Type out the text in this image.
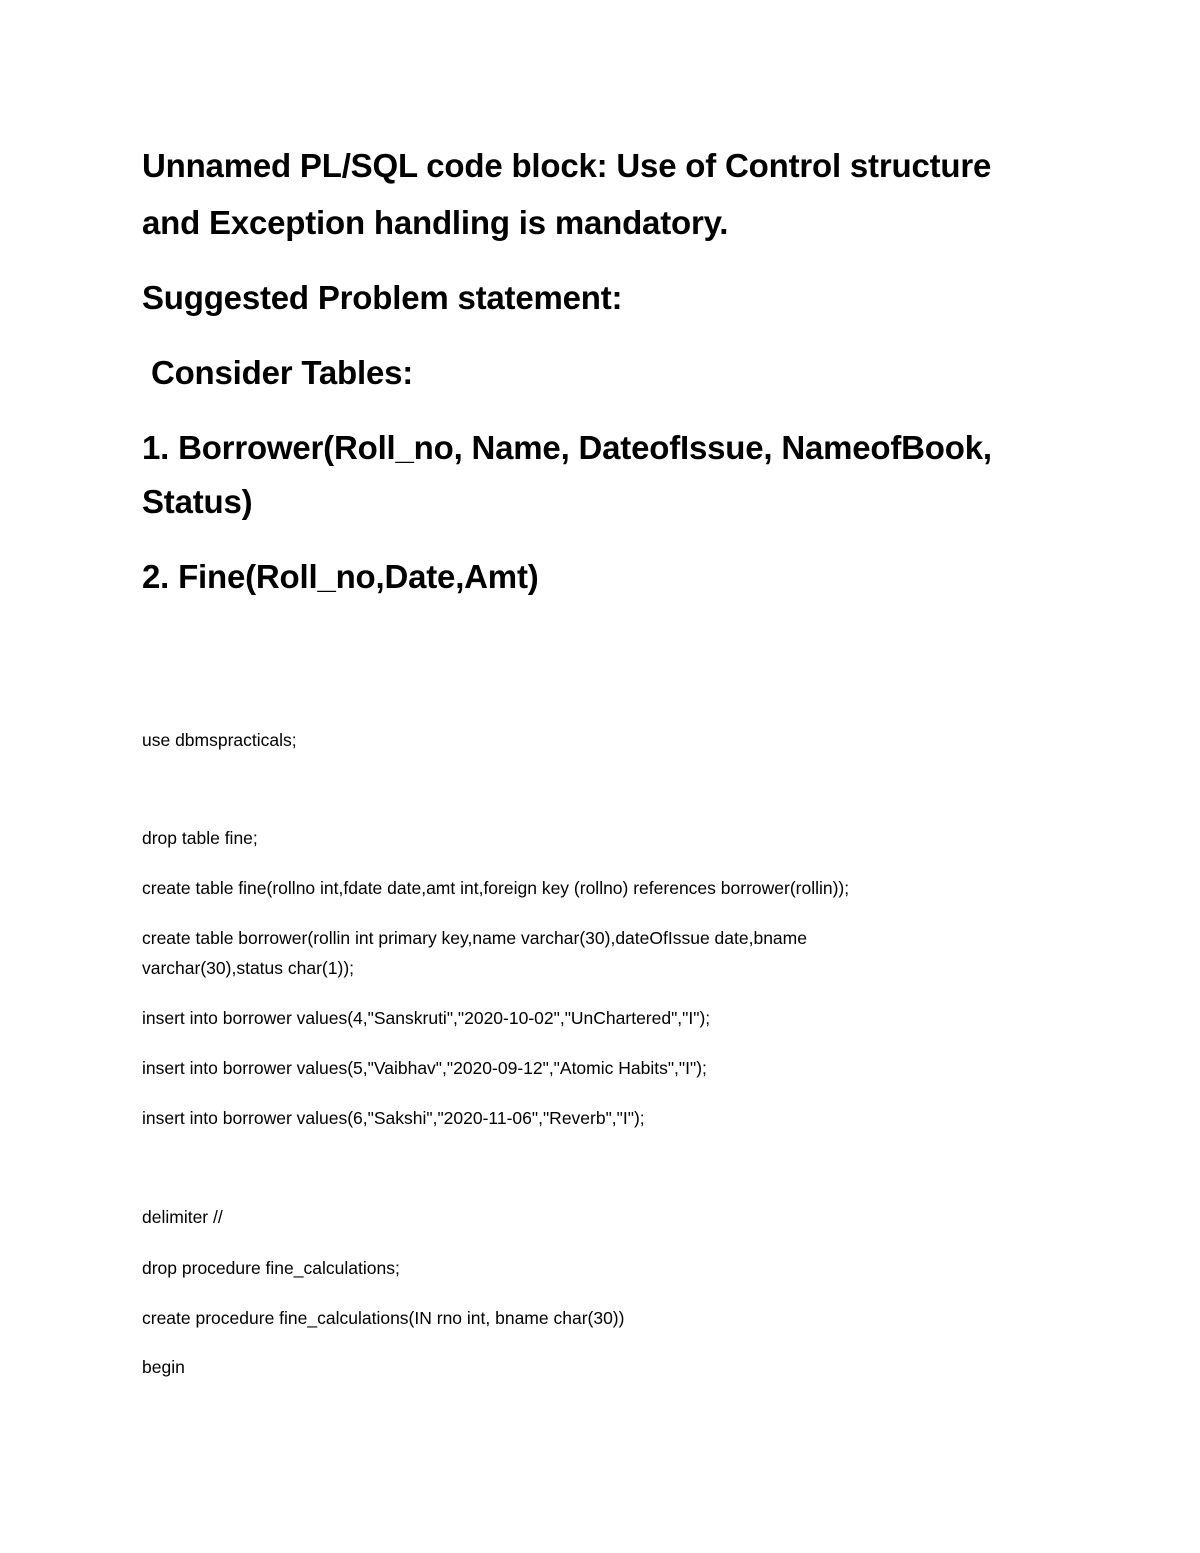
Unnamed PL/SQL code block: Use of Control structure
and Exception handling is mandatory.
Suggested Problem statement:
Consider Tables:
1. Borrower(Roll_no, Name, DateofIssue, NameofBook,
Status)
2. Fine(Roll_no,Date,Amt)
use dbmspracticals;
drop table fine;
create table fine(rollno int,fdate date,amt int,foreign key (rollno) references borrower(rollin));
create table borrower(rollin int primary key,name varchar(30),dateOfIssue date,bname
varchar(30),status char(1));
insert into borrower values(4,"Sanskruti","2020-10-02","UnChartered","I");
insert into borrower values(5,"Vaibhav","2020-09-12","Atomic Habits","I");
insert into borrower values(6,"Sakshi","2020-11-06","Reverb","I");
delimiter //
drop procedure fine_calculations;
create procedure fine_calculations(IN rno int, bname char(30))
begin
